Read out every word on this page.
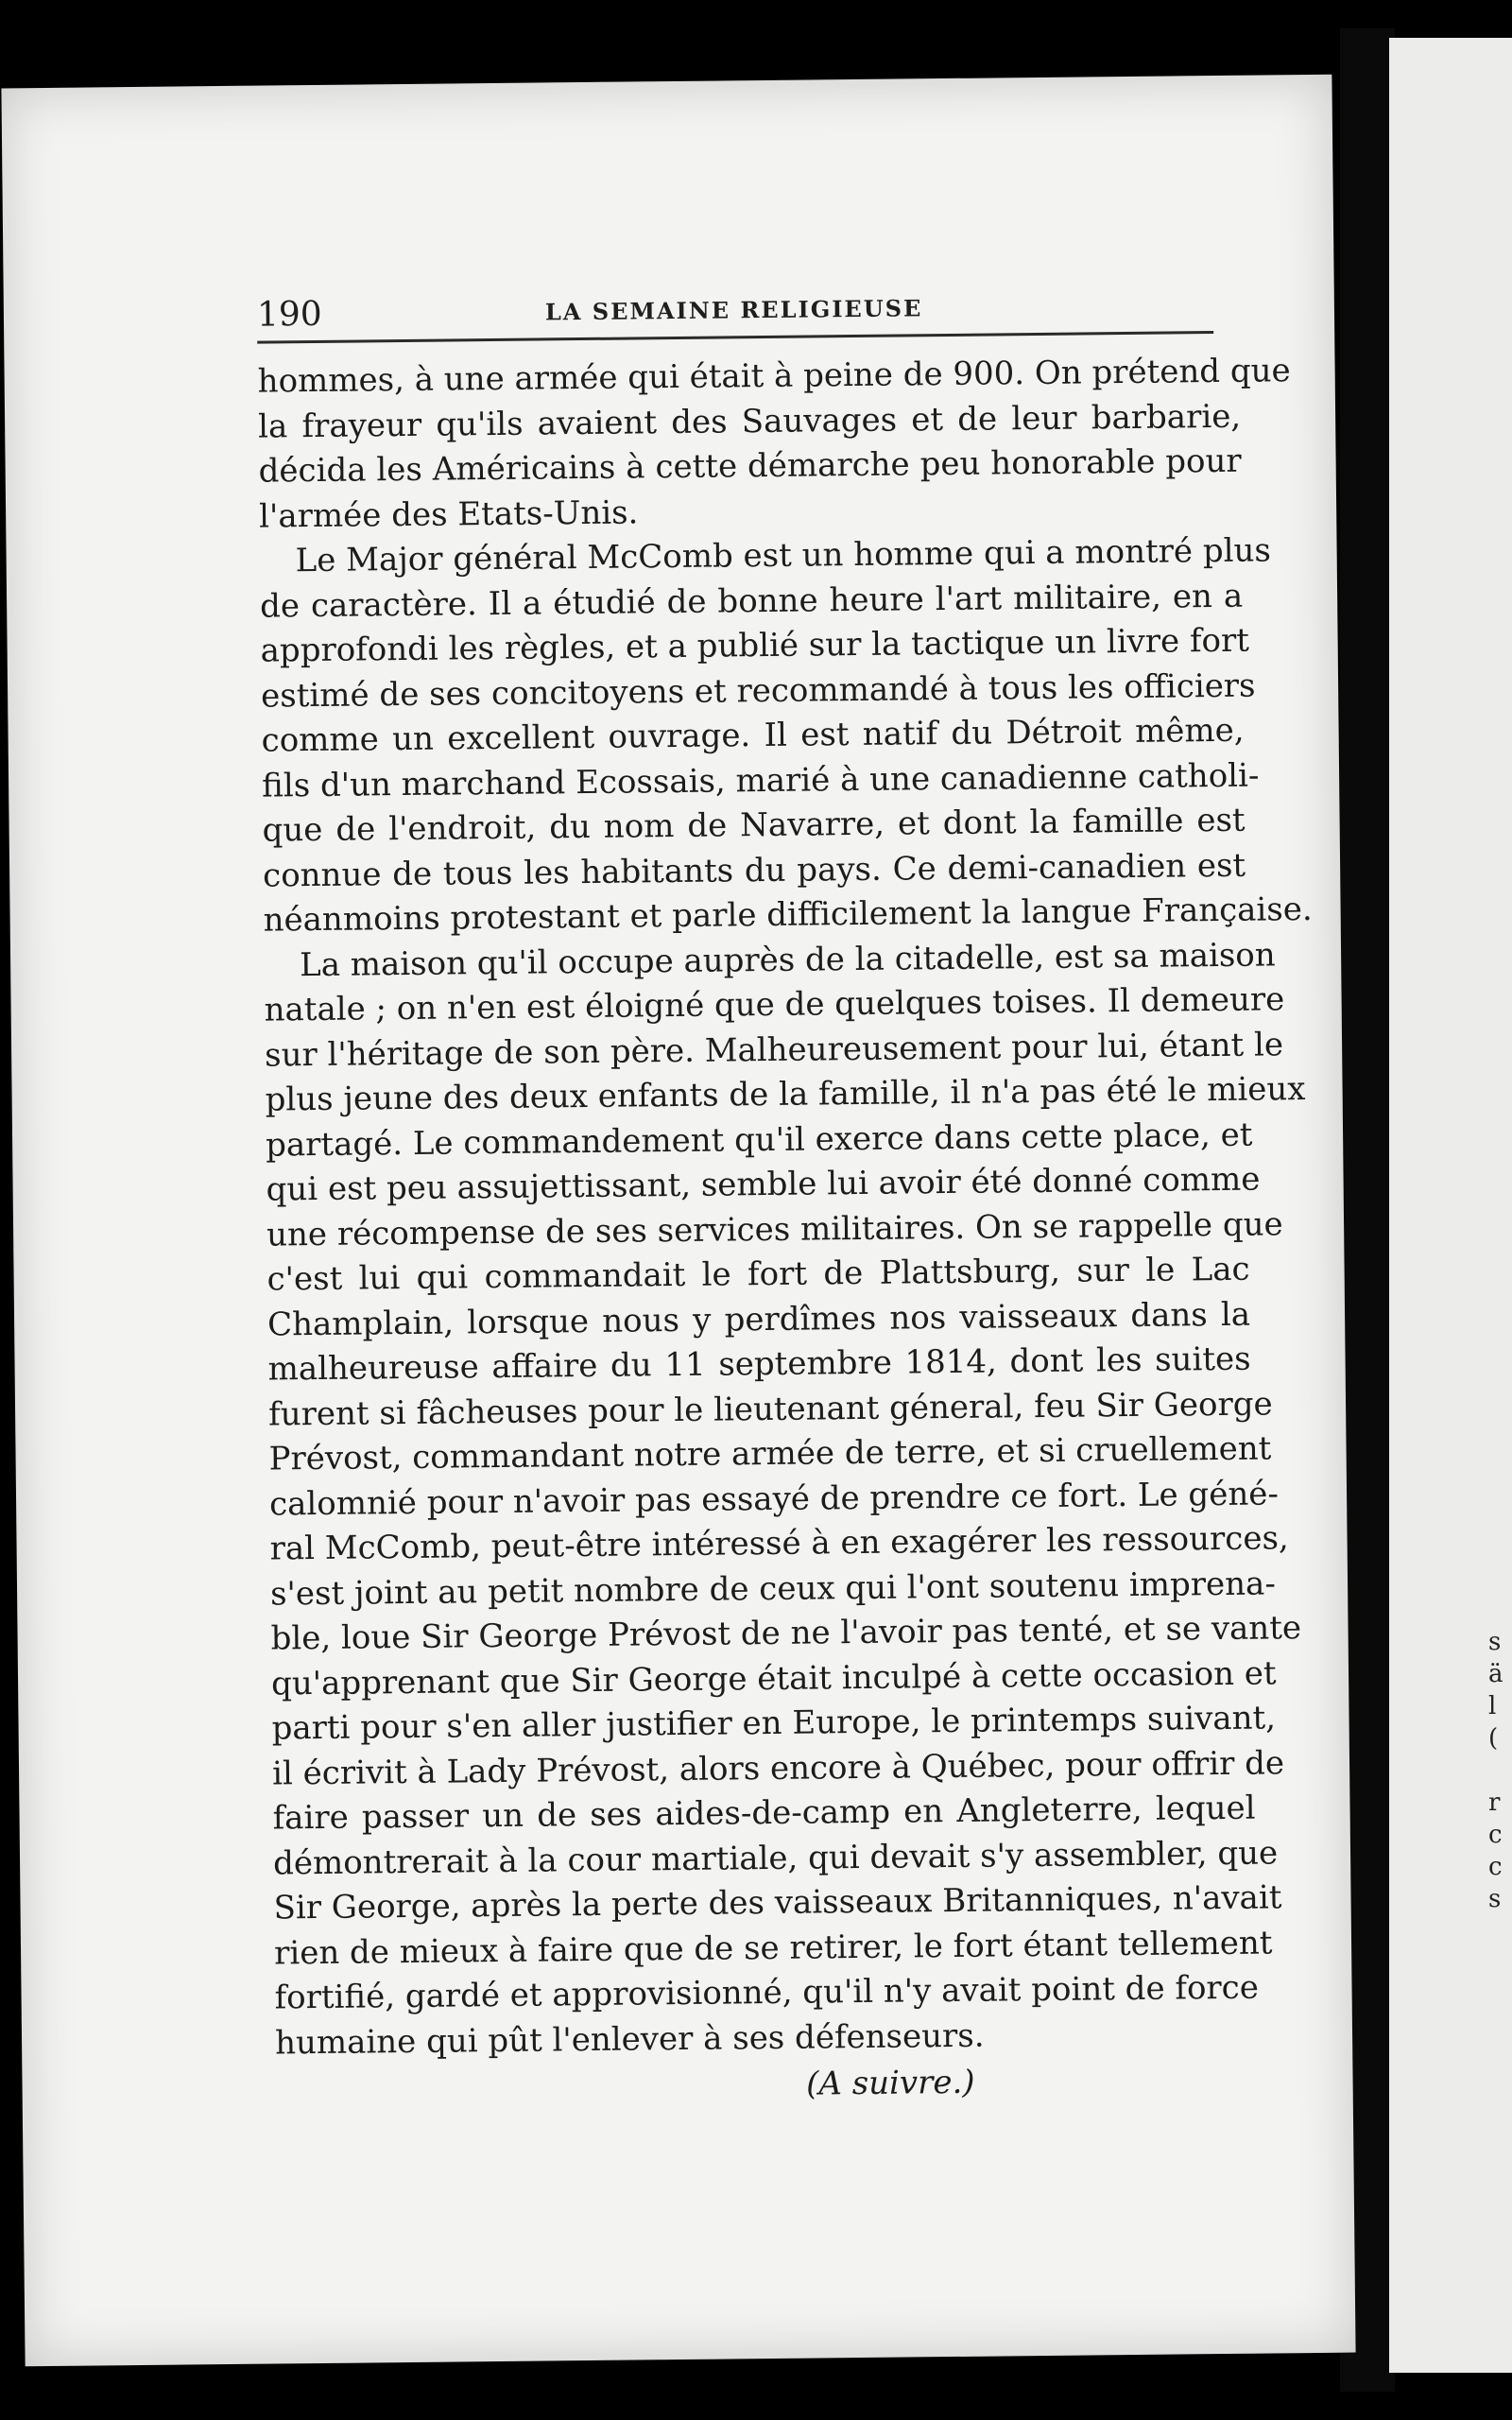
s
ä
l
(

r
c
c
s
190	LA SEMAINE RELIGIEUSE
hommes, à une armée qui était à peine de 900. On prétend que
la frayeur qu'ils avaient des Sauvages et de leur barbarie,
décida les Américains à cette démarche peu honorable pour
l'armée des Etats-Unis.
Le Major général McComb est un homme qui a montré plus
de caractère. Il a étudié de bonne heure l'art militaire, en a
approfondi les règles, et a publié sur la tactique un livre fort
estimé de ses concitoyens et recommandé à tous les officiers
comme un excellent ouvrage. Il est natif du Détroit même,
fils d'un marchand Ecossais, marié à une canadienne catholi-
que de l'endroit, du nom de Navarre, et dont la famille est
connue de tous les habitants du pays. Ce demi-canadien est
néanmoins protestant et parle difficilement la langue Française.
La maison qu'il occupe auprès de la citadelle, est sa maison
natale ; on n'en est éloigné que de quelques toises. Il demeure
sur l'héritage de son père. Malheureusement pour lui, étant le
plus jeune des deux enfants de la famille, il n'a pas été le mieux
partagé. Le commandement qu'il exerce dans cette place, et
qui est peu assujettissant, semble lui avoir été donné comme
une récompense de ses services militaires. On se rappelle que
c'est lui qui commandait le fort de Plattsburg, sur le Lac
Champlain, lorsque nous y perdîmes nos vaisseaux dans la
malheureuse affaire du 11 septembre 1814, dont les suites
furent si fâcheuses pour le lieutenant géneral, feu Sir George
Prévost, commandant notre armée de terre, et si cruellement
calomnié pour n'avoir pas essayé de prendre ce fort. Le géné-
ral McComb, peut-être intéressé à en exagérer les ressources,
s'est joint au petit nombre de ceux qui l'ont soutenu imprena-
ble, loue Sir George Prévost de ne l'avoir pas tenté, et se vante
qu'apprenant que Sir George était inculpé à cette occasion et
parti pour s'en aller justifier en Europe, le printemps suivant,
il écrivit à Lady Prévost, alors encore à Québec, pour offrir de
faire passer un de ses aides-de-camp en Angleterre, lequel
démontrerait à la cour martiale, qui devait s'y assembler, que
Sir George, après la perte des vaisseaux Britanniques, n'avait
rien de mieux à faire que de se retirer, le fort étant tellement
fortifié, gardé et approvisionné, qu'il n'y avait point de force
humaine qui pût l'enlever à ses défenseurs.
(A suivre.)
